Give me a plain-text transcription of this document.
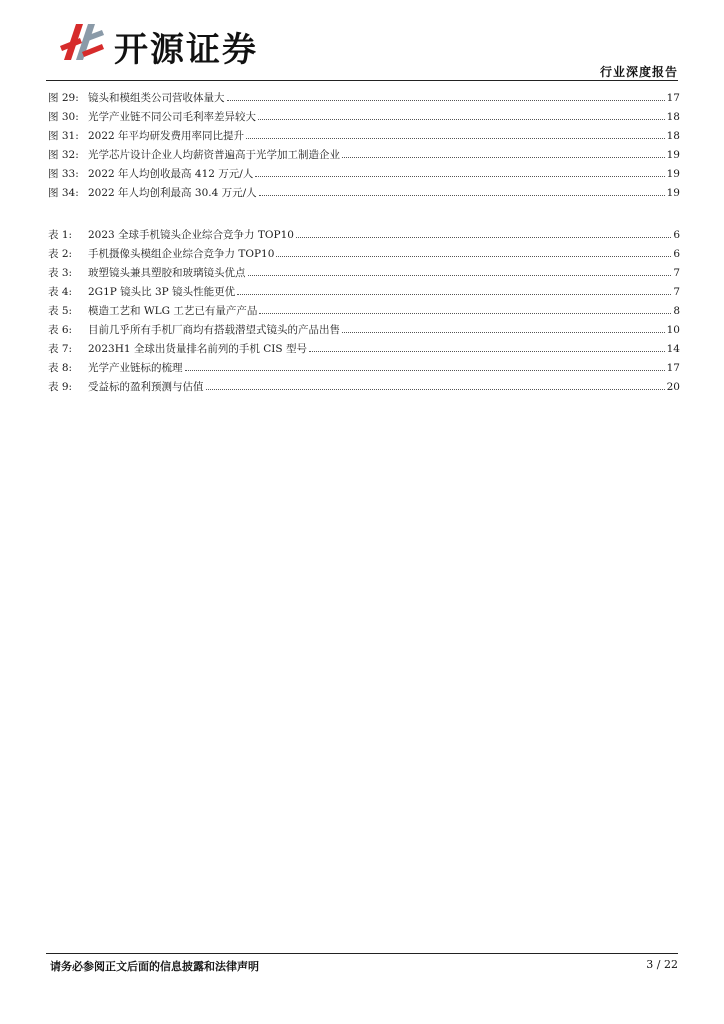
开源证券
行业深度报告
图 29: 镜头和模组类公司营收体量大	17
图 30: 光学产业链不同公司毛利率差异较大	18
图 31: 2022 年平均研发费用率同比提升	18
图 32: 光学芯片设计企业人均薪资普遍高于光学加工制造企业	19
图 33: 2022 年人均创收最高 412 万元/人	19
图 34: 2022 年人均创利最高 30.4 万元/人	19
表 1:	2023 全球手机镜头企业综合竞争力 TOP10	6
表 2:	手机摄像头模组企业综合竞争力 TOP10	6
表 3:	玻塑镜头兼具塑胶和玻璃镜头优点	7
表 4:	2G1P 镜头比 3P 镜头性能更优	7
表 5:	模造工艺和 WLG 工艺已有量产产品	8
表 6:	目前几乎所有手机厂商均有搭载潜望式镜头的产品出售	10
表 7:	2023H1 全球出货量排名前列的手机 CIS 型号	14
表 8:	光学产业链标的梳理	17
表 9:	受益标的盈利预测与估值	20
请务必参阅正文后面的信息披露和法律声明	3 / 22
